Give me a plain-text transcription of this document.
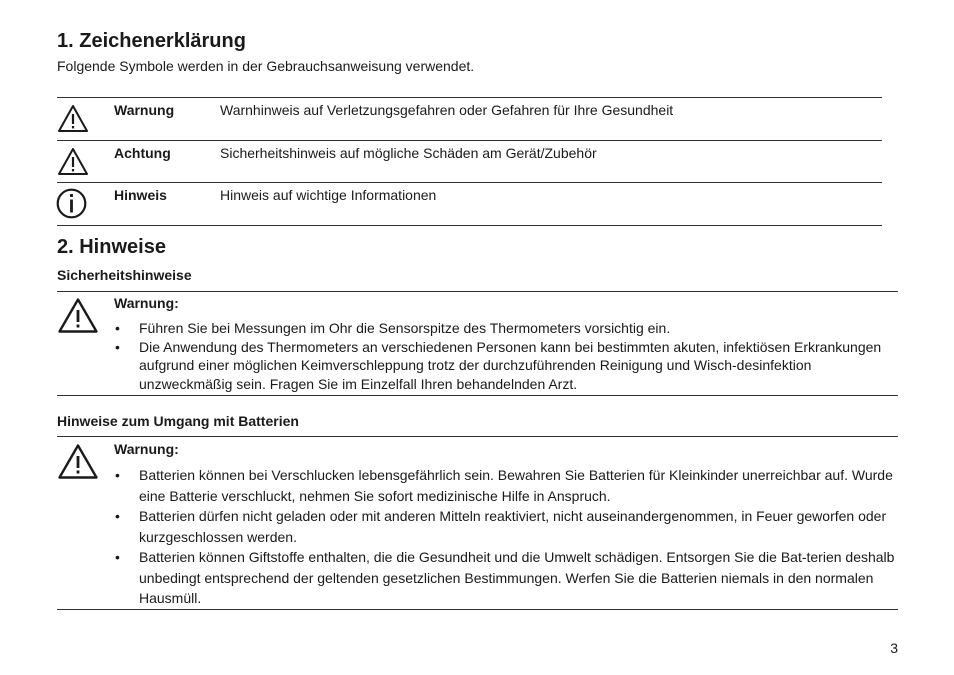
1. Zeichenerklärung
Folgende Symbole werden in der Gebrauchsanweisung verwendet.
Warnung	Warnhinweis auf Verletzungsgefahren oder Gefahren für Ihre Gesundheit
Achtung	Sicherheitshinweis auf mögliche Schäden am Gerät/Zubehör
Hinweis	Hinweis auf wichtige Informationen
2. Hinweise
Sicherheitshinweise
Warnung:
• Führen Sie bei Messungen im Ohr die Sensorspitze des Thermometers vorsichtig ein.
• Die Anwendung des Thermometers an verschiedenen Personen kann bei bestimmten akuten, infektiösen Erkrankungen aufgrund einer möglichen Keimverschleppung trotz der durchzuführenden Reinigung und Wisch-desinfektion unzweckmäßig sein. Fragen Sie im Einzelfall Ihren behandelnden Arzt.
Hinweise zum Umgang mit Batterien
Warnung:
• Batterien können bei Verschlucken lebensgefährlich sein. Bewahren Sie Batterien für Kleinkinder unerreichbar auf. Wurde eine Batterie verschluckt, nehmen Sie sofort medizinische Hilfe in Anspruch.
• Batterien dürfen nicht geladen oder mit anderen Mitteln reaktiviert, nicht auseinandergenommen, in Feuer geworfen oder kurzgeschlossen werden.
• Batterien können Giftstoffe enthalten, die die Gesundheit und die Umwelt schädigen. Entsorgen Sie die Bat-terien deshalb unbedingt entsprechend der geltenden gesetzlichen Bestimmungen. Werfen Sie die Batterien niemals in den normalen Hausmüll.
3
